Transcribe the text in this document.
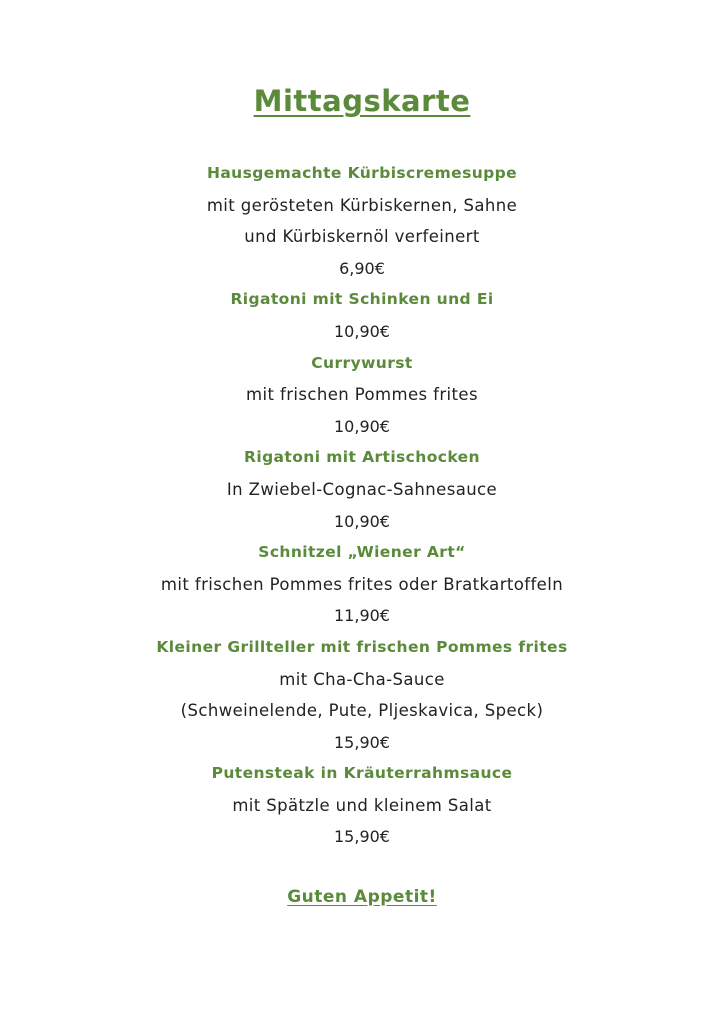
Mittagskarte
Hausgemachte Kürbiscremesuppe
mit gerösteten Kürbiskernen, Sahne
und Kürbiskernöl verfeinert
6,90€
Rigatoni mit Schinken und Ei
10,90€
Currywurst
mit frischen Pommes frites
10,90€
Rigatoni mit Artischocken
In Zwiebel-Cognac-Sahnesauce
10,90€
Schnitzel „Wiener Art“
mit frischen Pommes frites oder Bratkartoffeln
11,90€
Kleiner Grillteller mit frischen Pommes frites
mit Cha-Cha-Sauce
(Schweinelende, Pute, Pljeskavica, Speck)
15,90€
Putensteak in Kräuterrahmsauce
mit Spätzle und kleinem Salat
15,90€
Guten Appetit!
